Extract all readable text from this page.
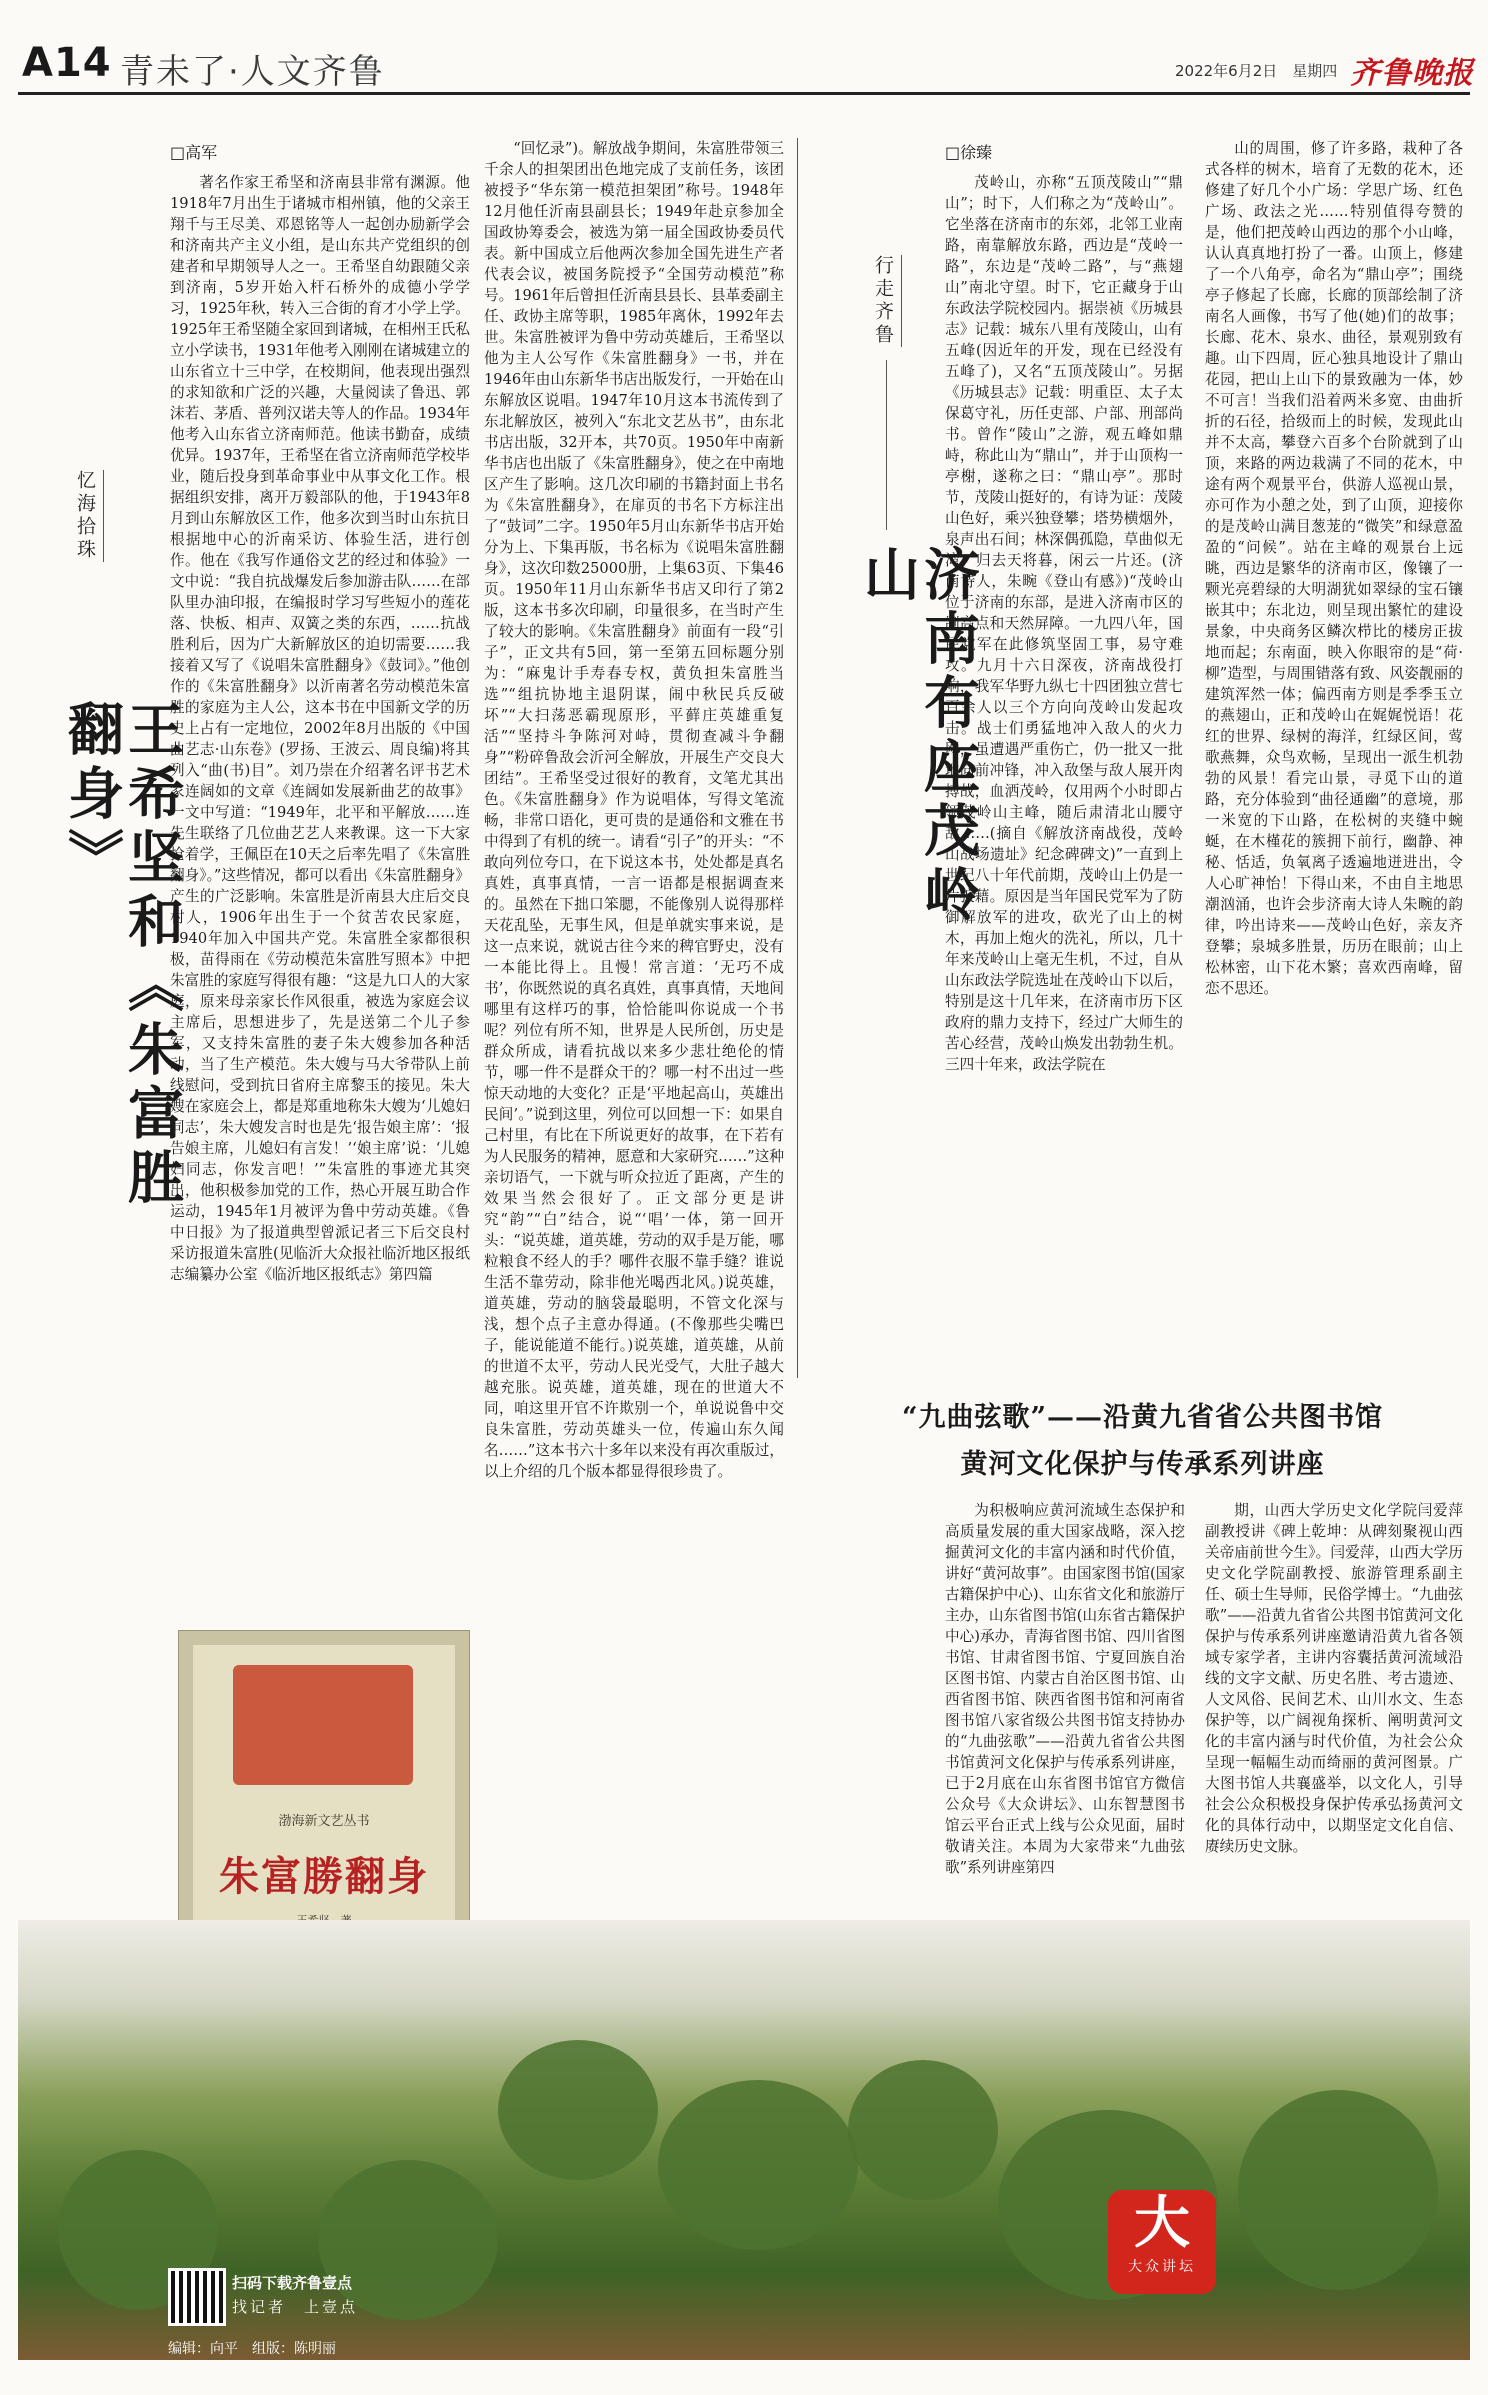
A14 青未了·人文齐鲁	2022年6月2日　星期四 齐鲁晚报
□高军
忆海拾珠
王希坚和《朱富胜翻身》

著名作家王希坚和济南县非常有渊源。他1918年7月出生于诸城市相州镇，他的父亲王翔千与王尽美、邓恩铭等人一起创办励新学会和济南共产主义小组，是山东共产党组织的创建者和早期领导人之一。王希坚自幼跟随父亲到济南，5岁开始入杆石桥外的成德小学学习，1925年秋，转入三合街的育才小学上学。1925年王希坚随全家回到诸城，在相州王氏私立小学读书，1931年他考入刚刚在诸城建立的山东省立十三中学，在校期间，他表现出强烈的求知欲和广泛的兴趣，大量阅读了鲁迅、郭沫若、茅盾、普列汉诺夫等人的作品。1934年他考入山东省立济南师范。他读书勤奋，成绩优异。1937年，王希坚在省立济南师范学校毕业，随后投身到革命事业中从事文化工作。根据组织安排，离开万毅部队的他，于1943年8月到山东解放区工作，他多次到当时山东抗日根据地中心的沂南采访、体验生活，进行创作。他在《我写作通俗文艺的经过和体验》一文中说：“我自抗战爆发后参加游击队……在部队里办油印报，在编报时学习写些短小的莲花落、快板、相声、双簧之类的东西，……抗战胜利后，因为广大新解放区的迫切需要……我接着又写了《说唱朱富胜翻身》《鼓词》。”他创作的《朱富胜翻身》以沂南著名劳动模范朱富胜的家庭为主人公，这本书在中国新文学的历史上占有一定地位，2002年8月出版的《中国曲艺志·山东卷》(罗扬、王波云、周良编)将其列入“曲(书)目”。刘乃崇在介绍著名评书艺术家连阔如的文章《连阔如发展新曲艺的故事》一文中写道：“1949年，北平和平解放……连先生联络了几位曲艺艺人来教课。这一下大家抢着学，王佩臣在10天之后率先唱了《朱富胜翻身》。”这些情况，都可以看出《朱富胜翻身》产生的广泛影响。朱富胜是沂南县大庄后交良村人，1906年出生于一个贫苦农民家庭，1940年加入中国共产党。朱富胜全家都很积极，苗得雨在《劳动模范朱富胜写照本》中把朱富胜的家庭写得很有趣：“这是九口人的大家庭，原来母亲家长作风很重，被选为家庭会议主席后，思想进步了，先是送第二个儿子参军，又支持朱富胜的妻子朱大嫂参加各种活动，当了生产模范。朱大嫂与马大爷带队上前线慰问，受到抗日省府主席黎玉的接见。朱大嫂在家庭会上，都是郑重地称朱大嫂为‘儿媳妇同志’，朱大嫂发言时也是先‘报告娘主席’：‘报告娘主席，儿媳妇有言发！’‘娘主席’说：‘儿媳妇同志，你发言吧！’”朱富胜的事迹尤其突出，他积极参加党的工作，热心开展互助合作运动，1945年1月被评为鲁中劳动英雄。《鲁中日报》为了报道典型曾派记者三下后交良村采访报道朱富胜(见临沂大众报社临沂地区报纸志编纂办公室《临沂地区报纸志》第四篇

“回忆录”)。解放战争期间，朱富胜带领三千余人的担架团出色地完成了支前任务，该团被授予“华东第一模范担架团”称号。1948年12月他任沂南县副县长；1949年赴京参加全国政协筹委会，被选为第一届全国政协委员代表。新中国成立后他两次参加全国先进生产者代表会议，被国务院授予“全国劳动模范”称号。1961年后曾担任沂南县县长、县革委副主任、政协主席等职，1985年离休，1992年去世。朱富胜被评为鲁中劳动英雄后，王希坚以他为主人公写作《朱富胜翻身》一书，并在1946年由山东新华书店出版发行，一开始在山东解放区说唱。1947年10月这本书流传到了东北解放区，被列入“东北文艺丛书”，由东北书店出版，32开本，共70页。1950年中南新华书店也出版了《朱富胜翻身》，使之在中南地区产生了影响。这几次印刷的书籍封面上书名为《朱富胜翻身》，在扉页的书名下方标注出了“鼓词”二字。1950年5月山东新华书店开始分为上、下集再版，书名标为《说唱朱富胜翻身》，这次印数25000册，上集63页、下集46页。1950年11月山东新华书店又印行了第2版，这本书多次印刷，印量很多，在当时产生了较大的影响。《朱富胜翻身》前面有一段“引子”，正文共有5回，第一至第五回标题分别为：“麻鬼计手寿春专权，黄负担朱富胜当选”“组抗协地主退阴谋，闹中秋民兵反破坏”“大扫荡恶霸现原形，平藓庄英雄重复活”“坚持斗争陈河对峙，贯彻查减斗争翻身”“粉碎鲁敌会沂河全解放，开展生产交良大团结”。王希坚受过很好的教育，文笔尤其出色。《朱富胜翻身》作为说唱体，写得文笔流畅，非常口语化，更可贵的是通俗和文雅在书中得到了有机的统一。请看“引子”的开头：“不敢向列位夸口，在下说这本书，处处都是真名真姓，真事真情，一言一语都是根据调查来的。虽然在下拙口笨腮，不能像别人说得那样天花乱坠，无事生风，但是单就实事来说，是这一点来说，就说古往今来的稗官野史，没有一本能比得上。且慢！常言道：‘无巧不成书’，你既然说的真名真姓，真事真情，天地间哪里有这样巧的事，恰恰能叫你说成一个书呢？列位有所不知，世界是人民所创，历史是群众所成，请看抗战以来多少悲壮绝伦的情节，哪一件不是群众干的？哪一村不出过一些惊天动地的大变化？正是‘平地起高山，英雄出民间’。”说到这里，列位可以回想一下：如果自己村里，有比在下所说更好的故事，在下若有为人民服务的精神，愿意和大家研究……”这种亲切语气，一下就与听众拉近了距离，产生的效果当然会很好了。正文部分更是讲究“韵”“白”结合，说“‘唱’一体，第一回开头：“说英雄，道英雄，劳动的双手是万能，哪粒粮食不经人的手？哪件衣服不靠手缝？谁说生活不靠劳动，除非他光喝西北风。)说英雄，道英雄，劳动的脑袋最聪明，不管文化深与浅，想个点子主意办得通。(不像那些尖嘴巴子，能说能道不能行。)说英雄，道英雄，从前的世道不太平，劳动人民光受气，大肚子越大越充胀。说英雄，道英雄，现在的世道大不同，咱这里开官不许欺别一个，单说说鲁中交良朱富胜，劳动英雄头一位，传遍山东久闻名……”这本书六十多年以来没有再次重版过，以上介绍的几个版本都显得很珍贵了。

渤海新文艺丛书
朱富勝翻身
行走齐鲁
济南有座茂岭山
□徐臻

茂岭山，亦称“五顶茂陵山”“鼎山”；时下，人们称之为“茂岭山”。它坐落在济南市的东郊，北邻工业南路，南靠解放东路，西边是“茂岭一路”，东边是“茂岭二路”，与“燕翅山”南北守望。时下，它正藏身于山东政法学院校园内。据崇祯《历城县志》记载：城东八里有茂陵山，山有五峰(因近年的开发，现在已经没有五峰了)，又名“五顶茂陵山”。另据《历城县志》记载：明重臣、太子太保葛守礼，历任吏部、户部、刑部尚书。曾作“陵山”之游，观五峰如鼎峙，称此山为“鼎山”，并于山顶构一亭榭，遂称之曰：“鼎山亭”。那时节，茂陵山挺好的，有诗为证：茂陵山色好，乘兴独登攀；塔势横烟外，泉声出石间；林深偶孤隐，草曲似无湾；归去天将暮，闲云一片还。(济南诗人，朱畹《登山有感》)“茂岭山位于济南的东部，是进入济南市区的制高点和天然屏障。一九四八年，国民党军在此修筑坚固工事，易守难攻。九月十六日深夜，济南战役打响，我军华野九纵七十四团独立营七百余人以三个方向向茂岭山发起攻击。战士们勇猛地冲入敌人的火力网，虽遭遇严重伤亡，仍一批又一批地向前冲锋，冲入敌堡与敌人展开肉搏战，血洒茂岭，仅用两个小时即占领茂岭山主峰，随后肃清北山腰守敌……(摘自《解放济南战役，茂岭山战场遗址》纪念碑碑文)”一直到上世纪八十年代前期，茂岭山上仍是一片狼藉。原因是当年国民党军为了防御解放军的进攻，砍光了山上的树木，再加上炮火的洗礼，所以，几十年来茂岭山上毫无生机，不过，自从山东政法学院选址在茂岭山下以后，特别是这十几年来，在济南市历下区政府的鼎力支持下，经过广大师生的苦心经营，茂岭山焕发出勃勃生机。三四十年来，政法学院在

山的周围，修了许多路，栽种了各式各样的树木，培育了无数的花木，还修建了好几个小广场：学思广场、红色广场、政法之光……特别值得夸赞的是，他们把茂岭山西边的那个小山峰，认认真真地打扮了一番。山顶上，修建了一个八角亭，命名为“鼎山亭”；围绕亭子修起了长廊，长廊的顶部绘制了济南名人画像，书写了他(她)们的故事；长廊、花木、泉水、曲径，景观别致有趣。山下四周，匠心独具地设计了鼎山花园，把山上山下的景致融为一体，妙不可言！当我们沿着两米多宽、由曲折折的石径，拾级而上的时候，发现此山并不太高，攀登六百多个台阶就到了山顶，来路的两边栽满了不同的花木，中途有两个观景平台，供游人巡视山景，亦可作为小憩之处，到了山顶，迎接你的是茂岭山满目葱茏的“微笑”和绿意盈盈的“问候”。站在主峰的观景台上远眺，西边是繁华的济南市区，像镶了一颗光亮碧绿的大明湖犹如翠绿的宝石镶嵌其中；东北边，则呈现出繁忙的建设景象，中央商务区鳞次栉比的楼房正拔地而起；东南面，映入你眼帘的是“荷·柳”造型，与周围错落有致、风姿靓丽的建筑浑然一体；偏西南方则是季季玉立的燕翅山，正和茂岭山在娓娓悦语！花红的世界、绿树的海洋，红绿区间，莺歌燕舞，众鸟欢畅，呈现出一派生机勃勃的风景！看完山景，寻觅下山的道路，充分体验到“曲径通幽”的意境，那一米宽的下山路，在松树的夹缝中蜿蜒，在木槿花的簇拥下前行，幽静、神秘、恬适，负氧离子透遍地迸进出，令人心旷神怡！下得山来，不由自主地思潮汹涌，也许会步济南大诗人朱畹的韵律，吟出诗来——茂岭山色好，亲友齐登攀；泉城多胜景，历历在眼前；山上松林密，山下花木繁；喜欢西南峰，留恋不思还。

“九曲弦歌”——沿黄九省省公共图书馆
黄河文化保护与传承系列讲座

为积极响应黄河流域生态保护和高质量发展的重大国家战略，深入挖掘黄河文化的丰富内涵和时代价值，讲好“黄河故事”。由国家图书馆(国家古籍保护中心)、山东省文化和旅游厅主办，山东省图书馆(山东省古籍保护中心)承办，青海省图书馆、四川省图书馆、甘肃省图书馆、宁夏回族自治区图书馆、内蒙古自治区图书馆、山西省图书馆、陕西省图书馆和河南省图书馆八家省级公共图书馆支持协办的“九曲弦歌”——沿黄九省省公共图书馆黄河文化保护与传承系列讲座，已于2月底在山东省图书馆官方微信公众号《大众讲坛》、山东智慧图书馆云平台正式上线与公众见面，届时敬请关注。本周为大家带来“九曲弦歌”系列讲座第四

期，山西大学历史文化学院闫爱萍副教授讲《碑上乾坤：从碑刻聚视山西关帝庙前世今生》。闫爱萍，山西大学历史文化学院副教授、旅游管理系副主任、硕士生导师，民俗学博士。“九曲弦歌”——沿黄九省省公共图书馆黄河文化保护与传承系列讲座邀请沿黄九省各领域专家学者，主讲内容囊括黄河流域沿线的文字文献、历史名胜、考古遗迹、人文风俗、民间艺术、山川水文、生态保护等，以广阔视角探析、阐明黄河文化的丰富内涵与时代价值，为社会公众呈现一幅幅生动而绮丽的黄河图景。广大图书馆人共襄盛举，以文化人，引导社会公众积极投身保护传承弘扬黄河文化的具体行动中，以期坚定文化自信、赓续历史文脉。

大
大众讲坛
扫码下载齐鲁壹点
找记者　上壹点
编辑：向平　组版：陈明丽
